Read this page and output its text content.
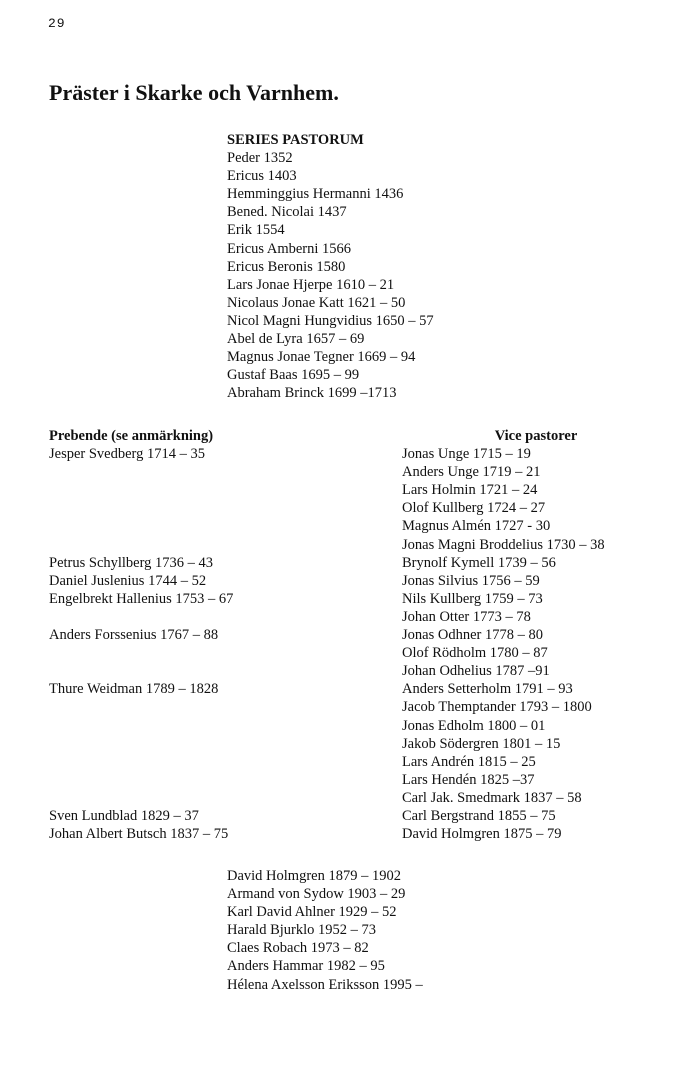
29
Präster i Skarke och Varnhem.
SERIES PASTORUM
Peder 1352
Ericus 1403
Hemminggius Hermanni 1436
Bened. Nicolai 1437
Erik 1554
Ericus Amberni 1566
Ericus Beronis 1580
Lars Jonae Hjerpe 1610 – 21
Nicolaus Jonae Katt 1621 – 50
Nicol Magni Hungvidius 1650 – 57
Abel de Lyra 1657 – 69
Magnus Jonae Tegner 1669 – 94
Gustaf Baas 1695 – 99
Abraham Brinck 1699 –1713
Prebende (se anmärkning)
Jesper Svedberg 1714 – 35
Petrus Schyllberg 1736 – 43
Daniel Juslenius 1744 – 52
Engelbrekt Hallenius 1753 – 67
Anders Forssenius 1767 – 88
Thure Weidman 1789 – 1828
Sven Lundblad 1829 – 37
Johan Albert Butsch 1837 – 75
Vice pastorer
Jonas Unge 1715 – 19
Anders Unge 1719 – 21
Lars Holmin 1721 – 24
Olof Kullberg 1724 – 27
Magnus Almén 1727 - 30
Jonas Magni Broddelius 1730 – 38
Brynolf Kymell 1739 – 56
Jonas Silvius 1756 – 59
Nils Kullberg 1759 – 73
Johan Otter 1773 – 78
Jonas Odhner 1778 – 80
Olof Rödholm 1780 – 87
Johan Odhelius 1787 –91
Anders Setterholm 1791 – 93
Jacob Themptander 1793 – 1800
Jonas Edholm 1800 – 01
Jakob Södergren 1801 – 15
Lars Andrén 1815 – 25
Lars Hendén 1825 –37
Carl Jak. Smedmark 1837 – 58
Carl Bergstrand 1855 – 75
David Holmgren 1875 – 79
David Holmgren 1879 – 1902
Armand von Sydow 1903 – 29
Karl David Ahlner 1929 – 52
Harald Bjurklo 1952 – 73
Claes Robach 1973 – 82
Anders Hammar 1982 – 95
Hélena Axelsson Eriksson 1995 –
